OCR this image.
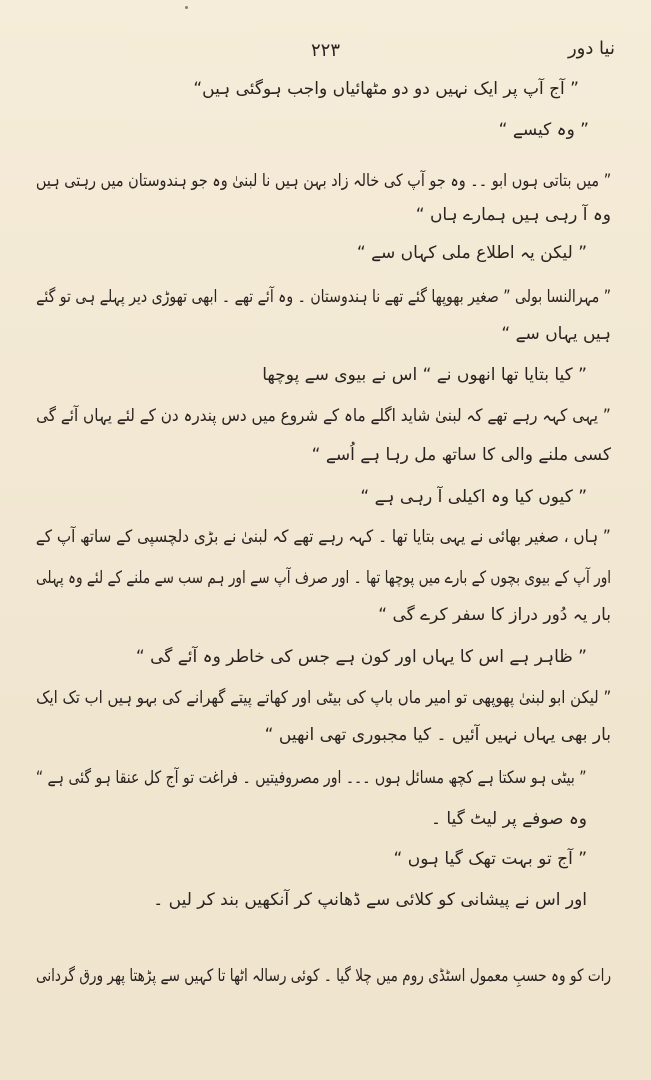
۲۲۳	نیا دور
” آج آپ پر ایک نہیں دو دو مٹھائیاں واجب ہوگئی ہیں“
” وہ کیسے “
” میں بتاتی ہوں ابو ۔۔ وہ جو آپ کی خالہ زاد بہن ہیں نا لبنیٰ وہ جو ہندوستان میں رہتی ہیں
وہ آ رہی ہیں ہمارے ہاں “
” لیکن یہ اطلاع ملی کہاں سے “
” مہرالنسا بولی ” صغیر بھوپھا گئے تھے نا ہندوستان ۔ وہ آئے تھے ۔ ابھی تھوڑی دیر پہلے ہی تو گئے
ہیں یہاں سے “
” کیا بتایا تھا انھوں نے “ اس نے بیوی سے پوچھا
” یہی کہہ رہے تھے کہ لبنیٰ شاید اگلے ماہ کے شروع میں دس پندرہ دن کے لئے یہاں آئے گی
کسی ملنے والی کا ساتھ مل رہا ہے اُسے “
” کیوں کیا وہ اکیلی آ رہی ہے “
” ہاں ، صغیر بھائی نے یہی بتایا تھا ۔ کہہ رہے تھے کہ لبنیٰ نے بڑی دلچسپی کے ساتھ آپ کے
اور آپ کے بیوی بچوں کے بارے میں پوچھا تھا ۔ اور صرف آپ سے اور ہم سب سے ملنے کے لئے وہ پہلی
بار یہ دُور دراز کا سفر کرے گی “
” ظاہر ہے اس کا یہاں اور کون ہے جس کی خاطر وہ آئے گی “
” لیکن ابو لبنیٰ پھوپھی تو امیر ماں باپ کی بیٹی اور کھاتے پیتے گھرانے کی بہو ہیں اب تک ایک
بار بھی یہاں نہیں آئیں ۔ کیا مجبوری تھی انھیں “
” بیٹی ہو سکتا ہے کچھ مسائل ہوں ۔۔۔ اور مصروفیتیں ۔ فراغت تو آج کل عنقا ہو گئی ہے “
وہ صوفے پر لیٹ گیا ۔
” آج تو بہت تھک گیا ہوں “
اور اس نے پیشانی کو کلائی سے ڈھانپ کر آنکھیں بند کر لیں ۔
رات کو وہ حسبِ معمول اسٹڈی روم میں چلا گیا ۔ کوئی رسالہ اٹھا تا کہیں سے پڑھتا پھر ورق گردانی
